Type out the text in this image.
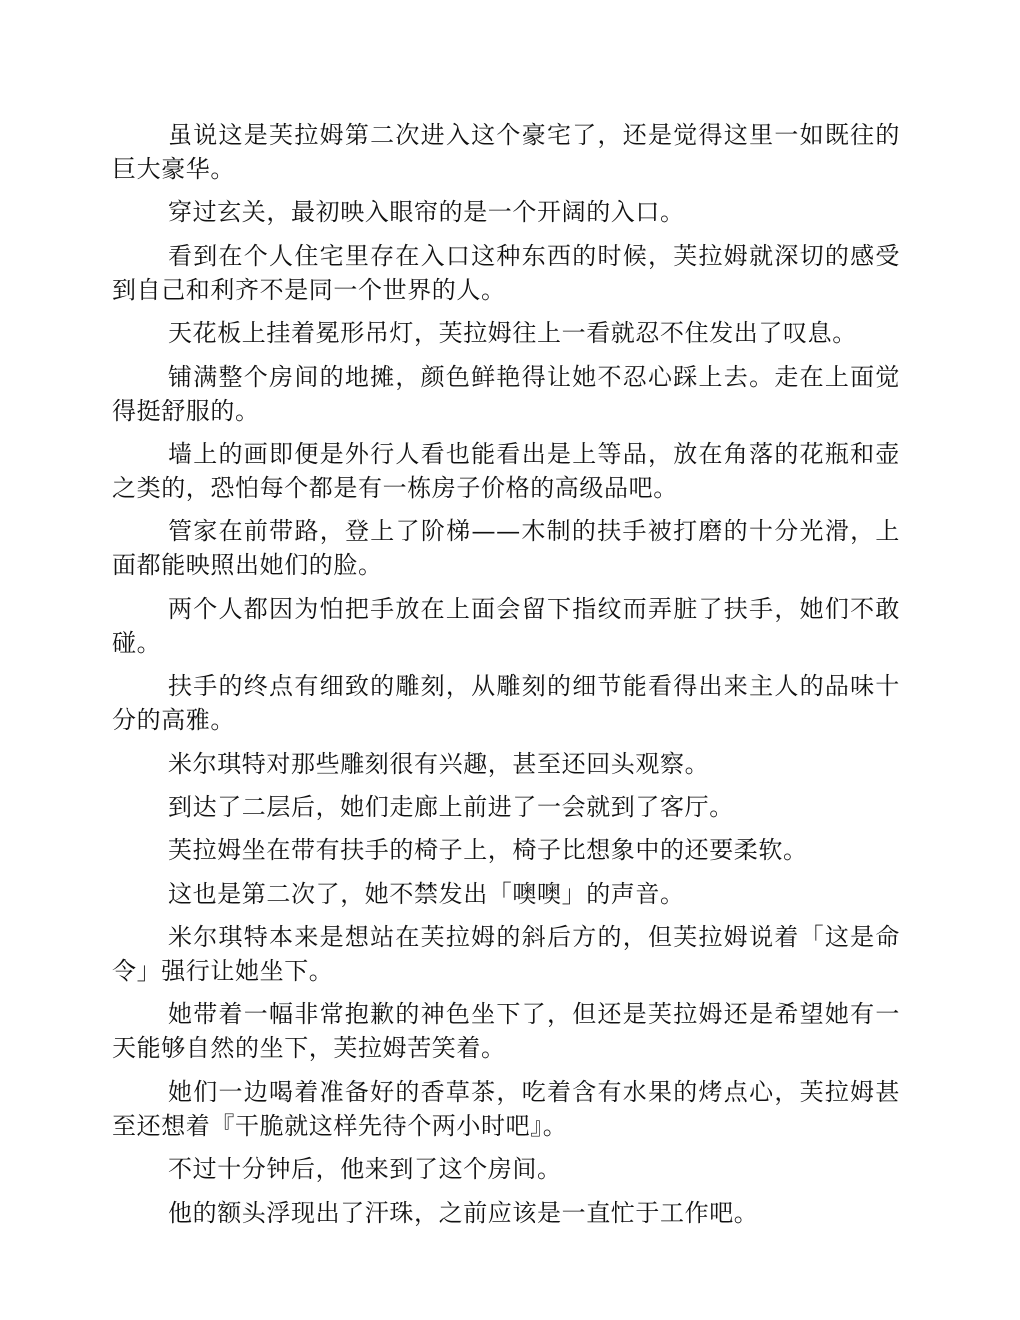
虽说这是芙拉姆第二次进入这个豪宅了，还是觉得这里一如既往的巨大豪华。

穿过玄关，最初映入眼帘的是一个开阔的入口。

看到在个人住宅里存在入口这种东西的时候，芙拉姆就深切的感受到自己和利齐不是同一个世界的人。

天花板上挂着冕形吊灯，芙拉姆往上一看就忍不住发出了叹息。

铺满整个房间的地摊，颜色鲜艳得让她不忍心踩上去。走在上面觉得挺舒服的。

墙上的画即便是外行人看也能看出是上等品，放在角落的花瓶和壶之类的，恐怕每个都是有一栋房子价格的高级品吧。

管家在前带路，登上了阶梯——木制的扶手被打磨的十分光滑，上面都能映照出她们的脸。

两个人都因为怕把手放在上面会留下指纹而弄脏了扶手，她们不敢碰。

扶手的终点有细致的雕刻，从雕刻的细节能看得出来主人的品味十分的高雅。

米尔琪特对那些雕刻很有兴趣，甚至还回头观察。

到达了二层后，她们走廊上前进了一会就到了客厅。

芙拉姆坐在带有扶手的椅子上，椅子比想象中的还要柔软。

这也是第二次了，她不禁发出「噢噢」的声音。

米尔琪特本来是想站在芙拉姆的斜后方的，但芙拉姆说着「这是命令」强行让她坐下。

她带着一幅非常抱歉的神色坐下了，但还是芙拉姆还是希望她有一天能够自然的坐下，芙拉姆苦笑着。

她们一边喝着准备好的香草茶，吃着含有水果的烤点心，芙拉姆甚至还想着『干脆就这样先待个两小时吧』。

不过十分钟后，他来到了这个房间。

他的额头浮现出了汗珠，之前应该是一直忙于工作吧。
